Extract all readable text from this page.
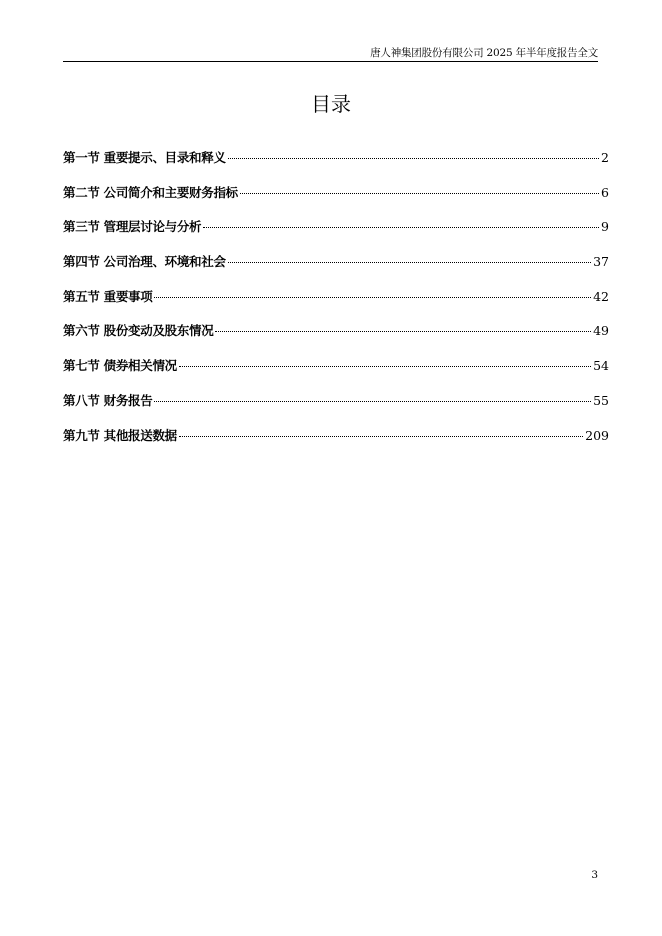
唐人神集团股份有限公司 2025 年半年度报告全文
目录
第一节 重要提示、目录和释义	2
第二节 公司简介和主要财务指标	6
第三节 管理层讨论与分析	9
第四节 公司治理、环境和社会	37
第五节 重要事项	42
第六节 股份变动及股东情况	49
第七节 债券相关情况	54
第八节 财务报告	55
第九节 其他报送数据	209
3
